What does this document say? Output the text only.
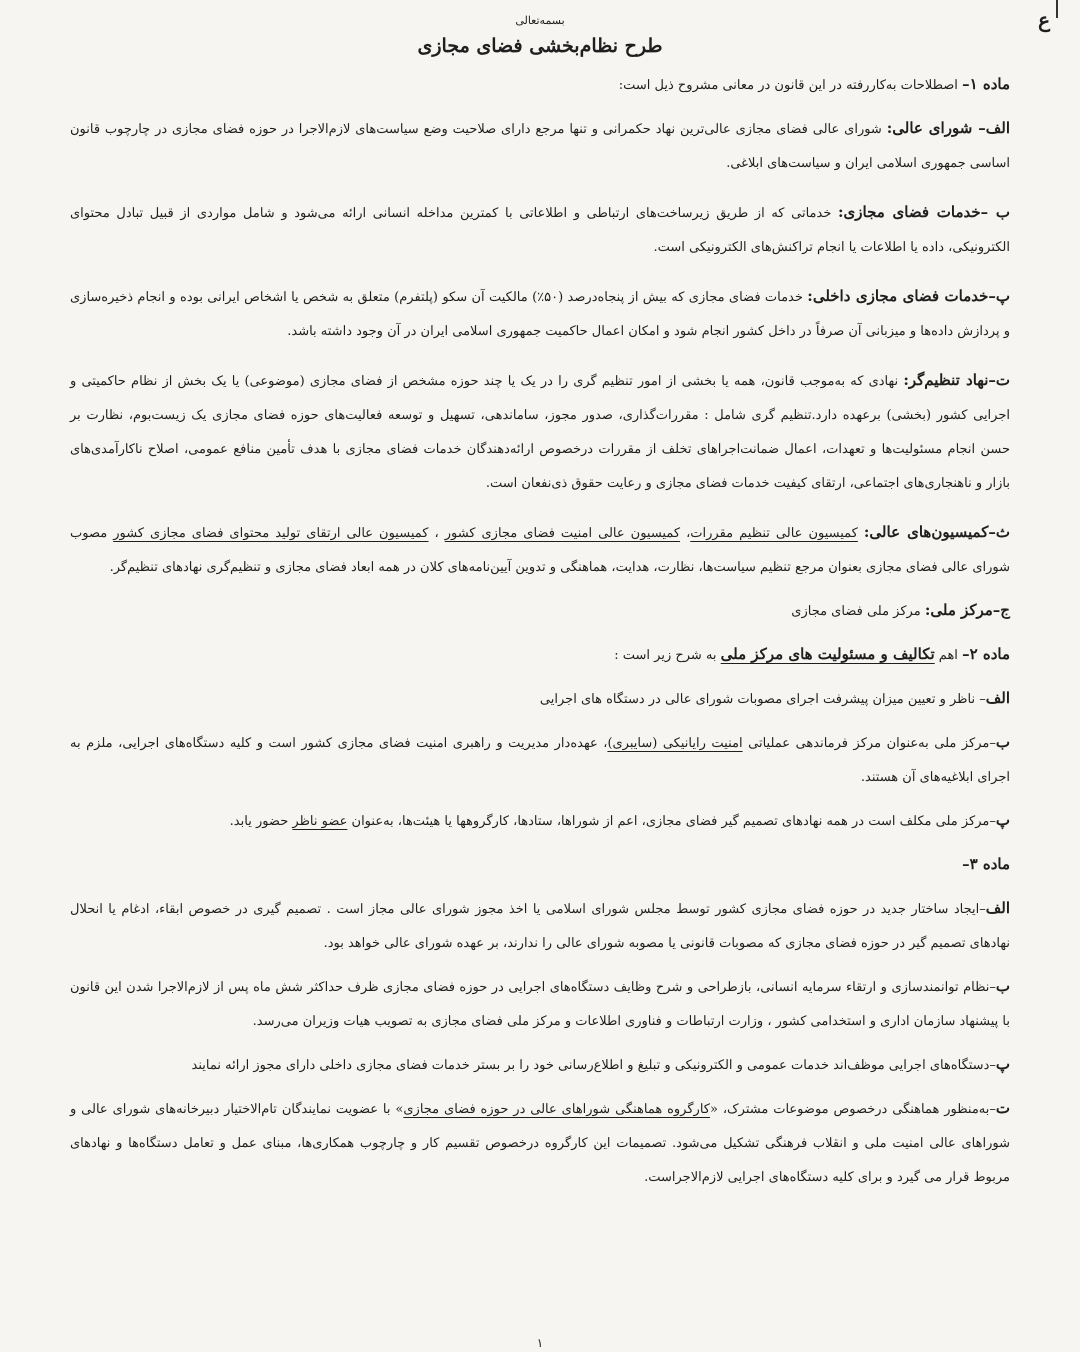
ع
بسمه‌تعالی
طرح نظام‌بخشی فضای مجازی

ماده ۱– اصطلاحات به‌کاررفته در این قانون در معانی مشروح ذیل است:

الف– شورای عالی: شورای عالی فضای مجازی عالی‌ترین نهاد حکمرانی و تنها مرجع دارای صلاحیت وضع سیاست‌های لازم‌الاجرا در حوزه فضای مجازی در چارچوب قانون اساسی جمهوری اسلامی ایران و سیاست‌های ابلاغی.

ب –خدمات فضای مجازی: خدماتی که از طریق زیرساخت‌های ارتباطی و اطلاعاتی با کمترین مداخله انسانی ارائه می‌شود و شامل مواردی از قبیل تبادل محتوای الکترونیکی، داده یا اطلاعات یا انجام تراکنش‌های الکترونیکی است.

پ–خدمات فضای مجازی داخلی: خدمات فضای مجازی که بیش از پنجاه‌درصد (۵۰٪) مالکیت آن سکو (پلتفرم) متعلق به شخص یا اشخاص ایرانی بوده و انجام ذخیره‌سازی و پردازش داده‌ها و میزبانی آن صرفاً در داخل کشور انجام شود و امکان اعمال حاکمیت جمهوری اسلامی ایران در آن وجود داشته باشد.

ت–نهاد تنظیم‌گر: نهادی که به‌موجب قانون، همه یا بخشی از امور تنظیم گری را در یک یا چند حوزه مشخص از فضای مجازی (موضوعی) یا یک بخش از نظام حاکمیتی و اجرایی کشور (بخشی) برعهده دارد.تنظیم گری شامل : مقررات‌گذاری، صدور مجوز، ساماندهی، تسهیل و توسعه فعالیت‌های حوزه فضای مجازی یک زیست‌بوم، نظارت بر حسن انجام مسئولیت‌ها و تعهدات، اعمال ضمانت‌اجراهای تخلف از مقررات درخصوص ارائه‌دهندگان خدمات فضای مجازی با هدف تأمین منافع عمومی، اصلاح ناکارآمدی‌های بازار و ناهنجاری‌های اجتماعی، ارتقای کیفیت خدمات فضای مجازی و رعایت حقوق ذی‌نفعان است.

ث–کمیسیون‌های عالی: کمیسیون عالی تنظیم مقررات، کمیسیون عالی امنیت فضای مجازی کشور ، کمیسیون عالی ارتقای تولید محتوای فضای مجازی کشور مصوب شورای عالی فضای مجازی بعنوان مرجع تنظیم سیاست‌ها، نظارت، هدایت، هماهنگی و تدوین آیین‌نامه‌های کلان در همه ابعاد فضای مجازی و تنظیم‌گری نهادهای تنظیم‌گر.

ج–مرکز ملی: مرکز ملی فضای مجازی

ماده ۲– اهم تکالیف و مسئولیت های مرکز ملی به شرح زیر است :

الف– ناظر و تعیین میزان پیشرفت اجرای مصوبات شورای عالی در دستگاه های اجرایی

ب–مرکز ملی به‌عنوان مرکز فرماندهی عملیاتی امنیت رایانیکی (سایبری)، عهده‌دار مدیریت و راهبری امنیت فضای مجازی کشور است و کلیه دستگاه‌های اجرایی، ملزم به اجرای ابلاغیه‌های آن هستند.

پ–مرکز ملی مکلف است در همه نهادهای تصمیم گیر فضای مجازی، اعم از شوراها، ستادها، کارگروهها یا هیئت‌ها، به‌عنوان عضو ناظر حضور یابد.

ماده ۳–

الف–ایجاد ساختار جدید در حوزه فضای مجازی کشور توسط مجلس شورای اسلامی یا اخذ مجوز شورای عالی مجاز است . تصمیم گیری در خصوص ابقاء، ادغام یا انحلال نهادهای تصمیم گیر در حوزه فضای مجازی که مصوبات قانونی یا مصوبه شورای عالی را ندارند، بر عهده شورای عالی خواهد بود.

ب–نظام توانمندسازی و ارتقاء سرمایه انسانی، بازطراحی و شرح وظایف دستگاه‌های اجرایی در حوزه فضای مجازی ظرف حداکثر شش ماه پس از لازم‌الاجرا شدن این قانون با پیشنهاد سازمان اداری و استخدامی کشور ، وزارت ارتباطات و فناوری اطلاعات و مرکز ملی فضای مجازی به تصویب هیات وزیران می‌رسد.

پ–دستگاه‌های اجرایی موظف‌اند خدمات عمومی و الکترونیکی و تبلیغ و اطلاع‌رسانی خود را بر بستر خدمات فضای مجازی داخلی دارای مجوز ارائه نمایند

ت–به‌منظور هماهنگی درخصوص موضوعات مشترک، «کارگروه هماهنگی شوراهای عالی در حوزه فضای مجازی» با عضویت نمایندگان تام‌الاختیار دبیرخانه‌های شورای عالی و شوراهای عالی امنیت ملی و انقلاب فرهنگی تشکیل می‌شود. تصمیمات این کارگروه درخصوص تقسیم کار و چارچوب همکاری‌ها، مبنای عمل و تعامل دستگاه‌ها و نهادهای مربوط قرار می گیرد و برای کلیه دستگاه‌های اجرایی لازم‌الاجراست.

۱
